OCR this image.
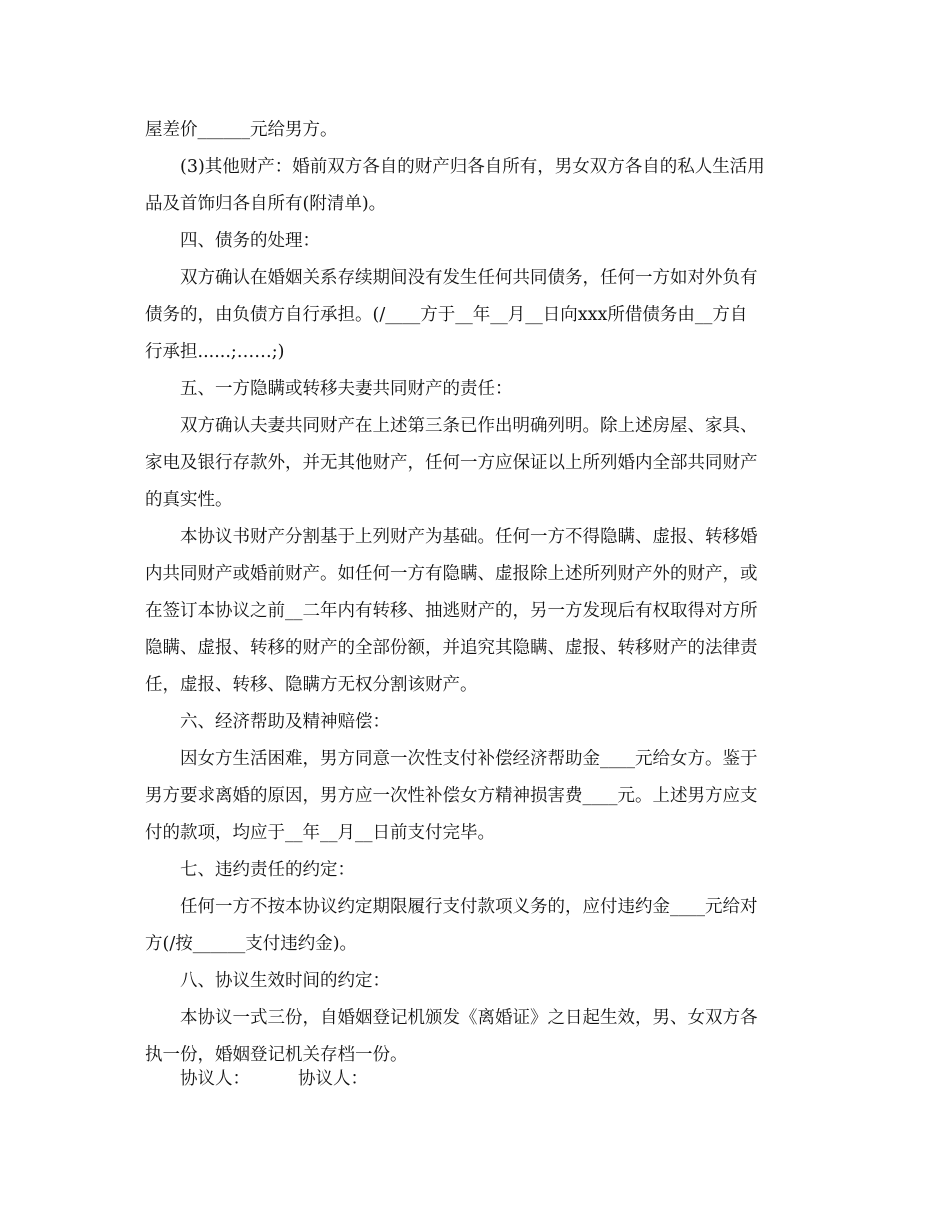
屋差价______元给男方。
(3)其他财产：婚前双方各自的财产归各自所有，男女双方各自的私人生活用
品及首饰归各自所有(附清单)。
四、债务的处理：
双方确认在婚姻关系存续期间没有发生任何共同债务，任何一方如对外负有
债务的，由负债方自行承担。(/____方于__年__月__日向xxx所借债务由__方自
行承担......;……;)
五、一方隐瞒或转移夫妻共同财产的责任：
双方确认夫妻共同财产在上述第三条已作出明确列明。除上述房屋、家具、
家电及银行存款外，并无其他财产，任何一方应保证以上所列婚内全部共同财产
的真实性。
本协议书财产分割基于上列财产为基础。任何一方不得隐瞒、虚报、转移婚
内共同财产或婚前财产。如任何一方有隐瞒、虚报除上述所列财产外的财产，或
在签订本协议之前__二年内有转移、抽逃财产的，另一方发现后有权取得对方所
隐瞒、虚报、转移的财产的全部份额，并追究其隐瞒、虚报、转移财产的法律责
任，虚报、转移、隐瞒方无权分割该财产。
六、经济帮助及精神赔偿：
因女方生活困难，男方同意一次性支付补偿经济帮助金____元给女方。鉴于
男方要求离婚的原因，男方应一次性补偿女方精神损害费____元。上述男方应支
付的款项，均应于__年__月__日前支付完毕。
七、违约责任的约定：
任何一方不按本协议约定期限履行支付款项义务的，应付违约金____元给对
方(/按______支付违约金)。
八、协议生效时间的约定：
本协议一式三份，自婚姻登记机颁发《离婚证》之日起生效，男、女双方各
执一份，婚姻登记机关存档一份。
协议人：	协议人：
